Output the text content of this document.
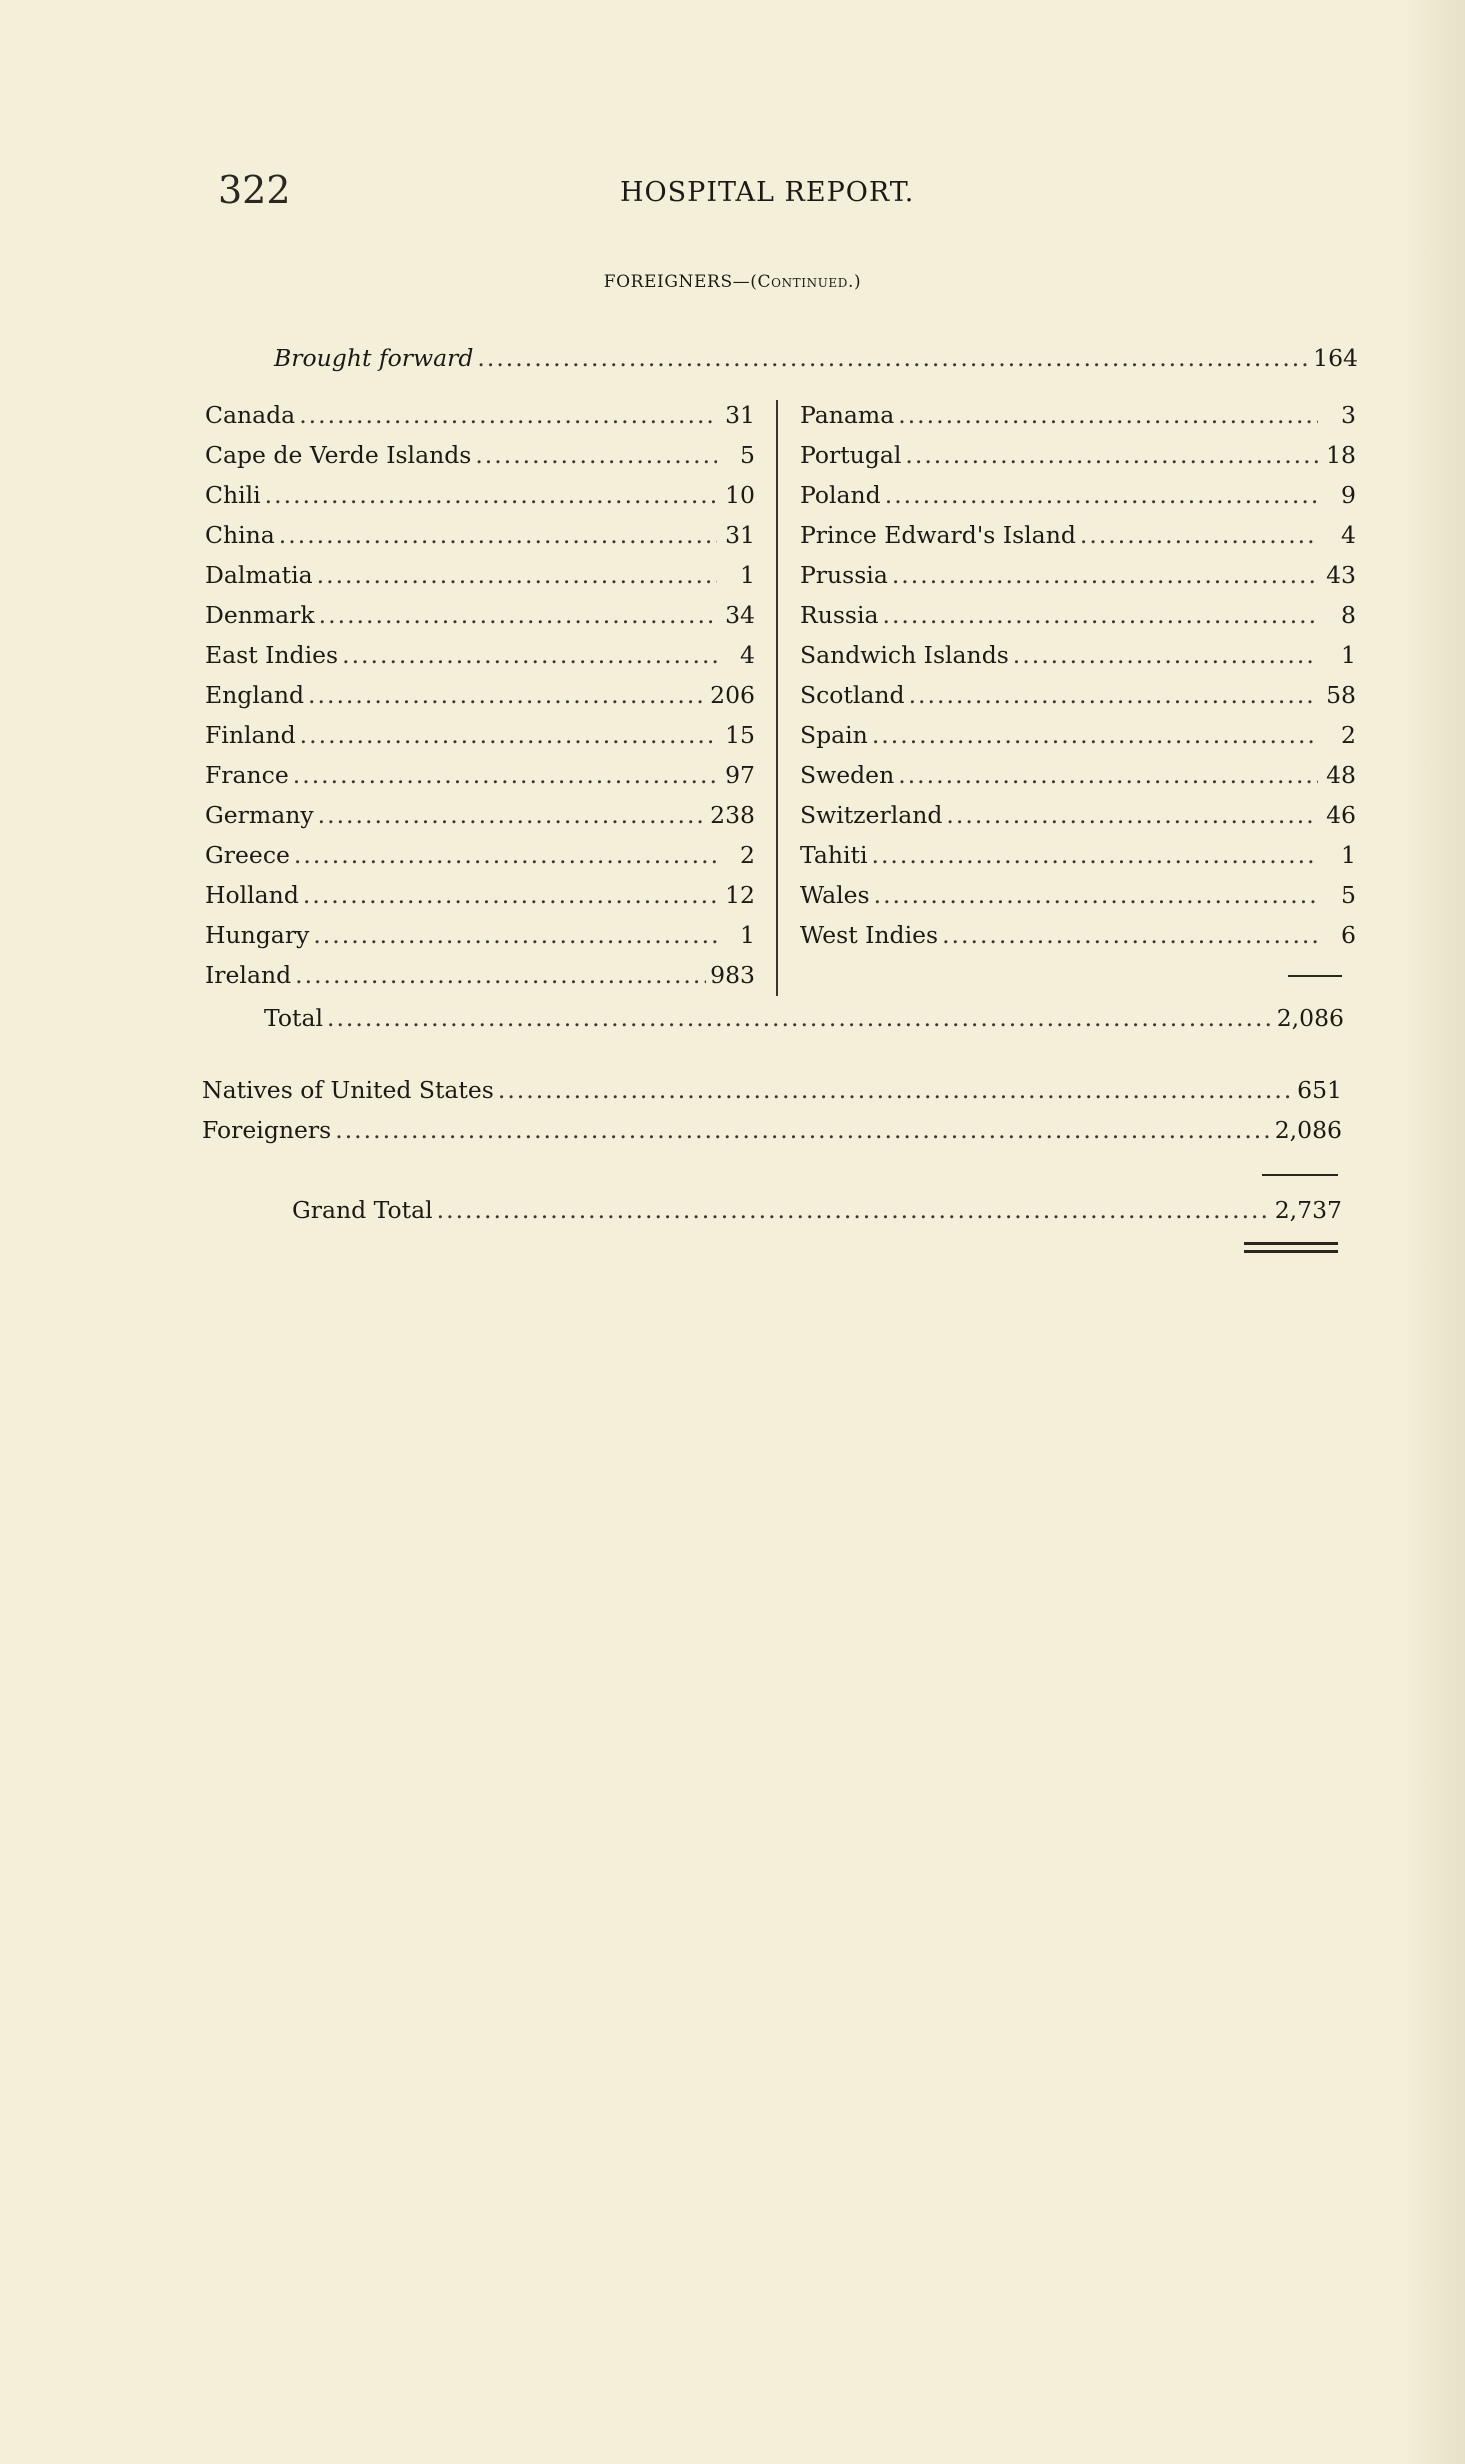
322	HOSPITAL REPORT.
FOREIGNERS—(Continued.)
Brought forward .....	164
Canada .....	31
Cape de Verde Islands .....	5
Chili .....	10
China .....	31
Dalmatia .....	1
Denmark .....	34
East Indies .....	4
England .....	206
Finland .....	15
France .....	97
Germany .....	238
Greece .....	2
Holland .....	12
Hungary .....	1
Ireland .....	983
Panama .....	3
Portugal .....	18
Poland .....	9
Prince Edward's Island .....	4
Prussia .....	43
Russia .....	8
Sandwich Islands .....	1
Scotland .....	58
Spain .....	2
Sweden .....	48
Switzerland .....	46
Tahiti .....	1
Wales .....	5
West Indies .....	6
Total .....	2,086
Natives of United States .....	651
Foreigners .....	2,086
Grand Total .....	2,737
